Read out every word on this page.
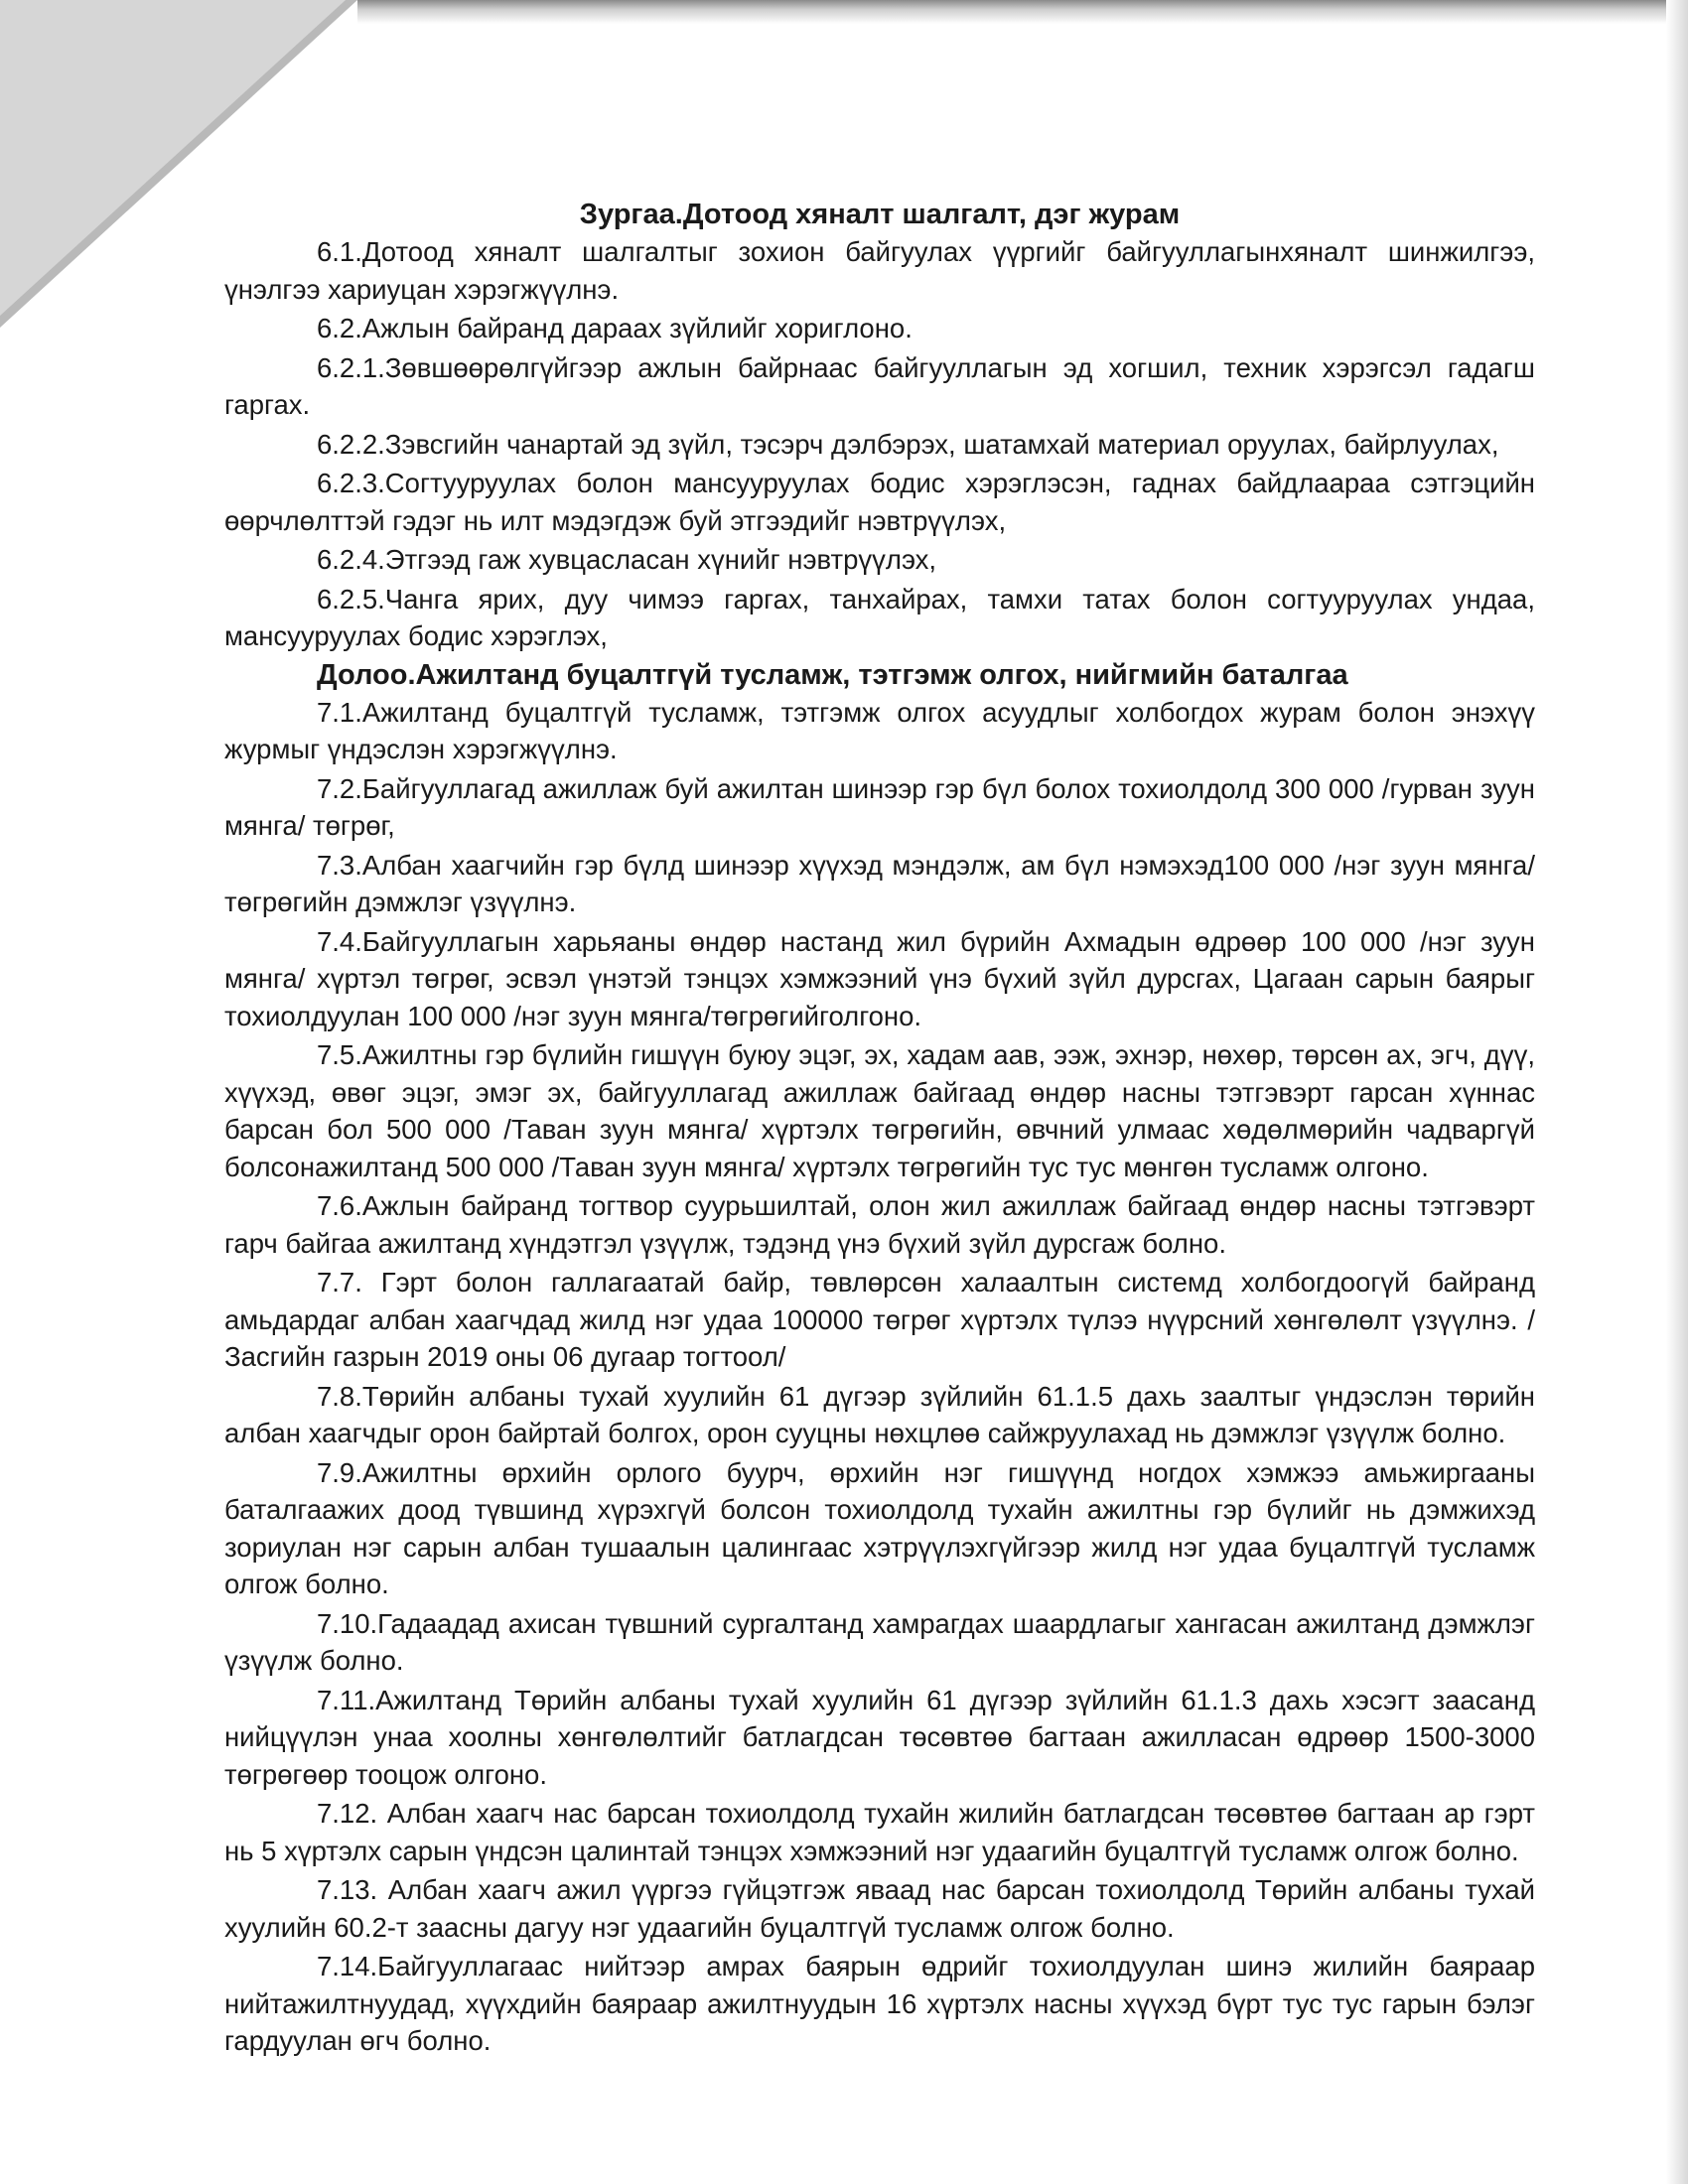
Зургаа.Дотоод хяналт шалгалт, дэг журам

6.1.Дотоод хяналт шалгалтыг зохион байгуулах үүргийг байгууллагынхяналт шинжилгээ, үнэлгээ хариуцан хэрэгжүүлнэ.

6.2.Ажлын байранд дараах зүйлийг хориглоно.

6.2.1.Зөвшөөрөлгүйгээр ажлын байрнаас байгууллагын эд хогшил, техник хэрэгсэл гадагш гаргах.

6.2.2.Зэвсгийн чанартай эд зүйл, тэсэрч дэлбэрэх, шатамхай материал оруулах, байрлуулах,

6.2.3.Согтууруулах болон мансууруулах бодис хэрэглэсэн, гаднах байдлаараа сэтгэцийн өөрчлөлттэй гэдэг нь илт мэдэгдэж буй этгээдийг нэвтрүүлэх,

6.2.4.Этгээд гаж хувцасласан хүнийг нэвтрүүлэх,

6.2.5.Чанга ярих, дуу чимээ гаргах, танхайрах, тамхи татах болон согтууруулах ундаа, мансууруулах бодис хэрэглэх,

Долоо.Ажилтанд буцалтгүй тусламж, тэтгэмж олгох, нийгмийн баталгаа

7.1.Ажилтанд буцалтгүй тусламж, тэтгэмж олгох асуудлыг холбогдох журам болон энэхүү журмыг үндэслэн хэрэгжүүлнэ.

7.2.Байгууллагад ажиллаж буй ажилтан шинээр гэр бүл болох тохиолдолд 300 000 /гурван зуун мянга/ төгрөг,

7.3.Албан хаагчийн гэр бүлд шинээр хүүхэд мэндэлж, ам бүл нэмэхэд100 000 /нэг зуун мянга/ төгрөгийн дэмжлэг үзүүлнэ.

7.4.Байгууллагын харьяаны өндөр настанд жил бүрийн Ахмадын өдрөөр 100 000 /нэг зуун мянга/ хүртэл төгрөг, эсвэл үнэтэй тэнцэх хэмжээний үнэ бүхий зүйл дурсгах, Цагаан сарын баярыг тохиолдуулан 100 000 /нэг зуун мянга/төгрөгийголгоно.

7.5.Ажилтны гэр бүлийн гишүүн буюу эцэг, эх, хадам аав, ээж, эхнэр, нөхөр, төрсөн ах, эгч, дүү, хүүхэд, өвөг эцэг, эмэг эх, байгууллагад ажиллаж байгаад өндөр насны тэтгэвэрт гарсан хүннас барсан бол 500 000 /Таван зуун мянга/ хүртэлх төгрөгийн, өвчний улмаас хөдөлмөрийн чадваргүй болсонажилтанд 500 000 /Таван зуун мянга/ хүртэлх төгрөгийн тус тус мөнгөн тусламж олгоно.

7.6.Ажлын байранд тогтвор суурьшилтай, олон жил ажиллаж байгаад өндөр насны тэтгэвэрт гарч байгаа ажилтанд хүндэтгэл үзүүлж, тэдэнд үнэ бүхий зүйл дурсгаж болно.

7.7. Гэрт болон галлагаатай байр, төвлөрсөн халаалтын системд холбогдоогүй байранд амьдардаг албан хаагчдад жилд нэг удаа 100000 төгрөг хүртэлх түлээ нүүрсний хөнгөлөлт үзүүлнэ. /Засгийн газрын 2019 оны 06 дугаар тогтоол/

7.8.Төрийн албаны тухай хуулийн 61 дүгээр зүйлийн 61.1.5 дахь заалтыг үндэслэн төрийн албан хаагчдыг орон байртай болгох, орон сууцны нөхцлөө сайжруулахад нь дэмжлэг үзүүлж болно.

7.9.Ажилтны өрхийн орлого буурч, өрхийн нэг гишүүнд ногдох хэмжээ амьжиргааны баталгаажих доод түвшинд хүрэхгүй болсон тохиолдолд тухайн ажилтны гэр бүлийг нь дэмжихэд зориулан нэг сарын албан тушаалын цалингаас хэтрүүлэхгүйгээр жилд нэг удаа буцалтгүй тусламж олгож болно.

7.10.Гадаадад ахисан түвшний сургалтанд хамрагдах шаардлагыг хангасан ажилтанд дэмжлэг үзүүлж болно.

7.11.Ажилтанд Төрийн албаны тухай хуулийн 61 дүгээр зүйлийн 61.1.3 дахь хэсэгт заасанд нийцүүлэн унаа хоолны хөнгөлөлтийг батлагдсан төсөвтөө багтаан ажилласан өдрөөр 1500-3000 төгрөгөөр тооцож олгоно.

7.12. Албан хаагч нас барсан тохиолдолд тухайн жилийн батлагдсан төсөвтөө багтаан ар гэрт нь 5 хүртэлх сарын үндсэн цалинтай тэнцэх хэмжээний нэг удаагийн буцалтгүй тусламж олгож болно.

7.13. Албан хаагч ажил үүргээ гүйцэтгэж яваад нас барсан тохиолдолд Төрийн албаны тухай хуулийн 60.2-т заасны дагуу нэг удаагийн буцалтгүй тусламж олгож болно.

7.14.Байгууллагаас нийтээр амрах баярын өдрийг тохиолдуулан шинэ жилийн баяраар нийтажилтнуудад, хүүхдийн баяраар ажилтнуудын 16 хүртэлх насны хүүхэд бүрт тус тус гарын бэлэг гардуулан өгч болно.
